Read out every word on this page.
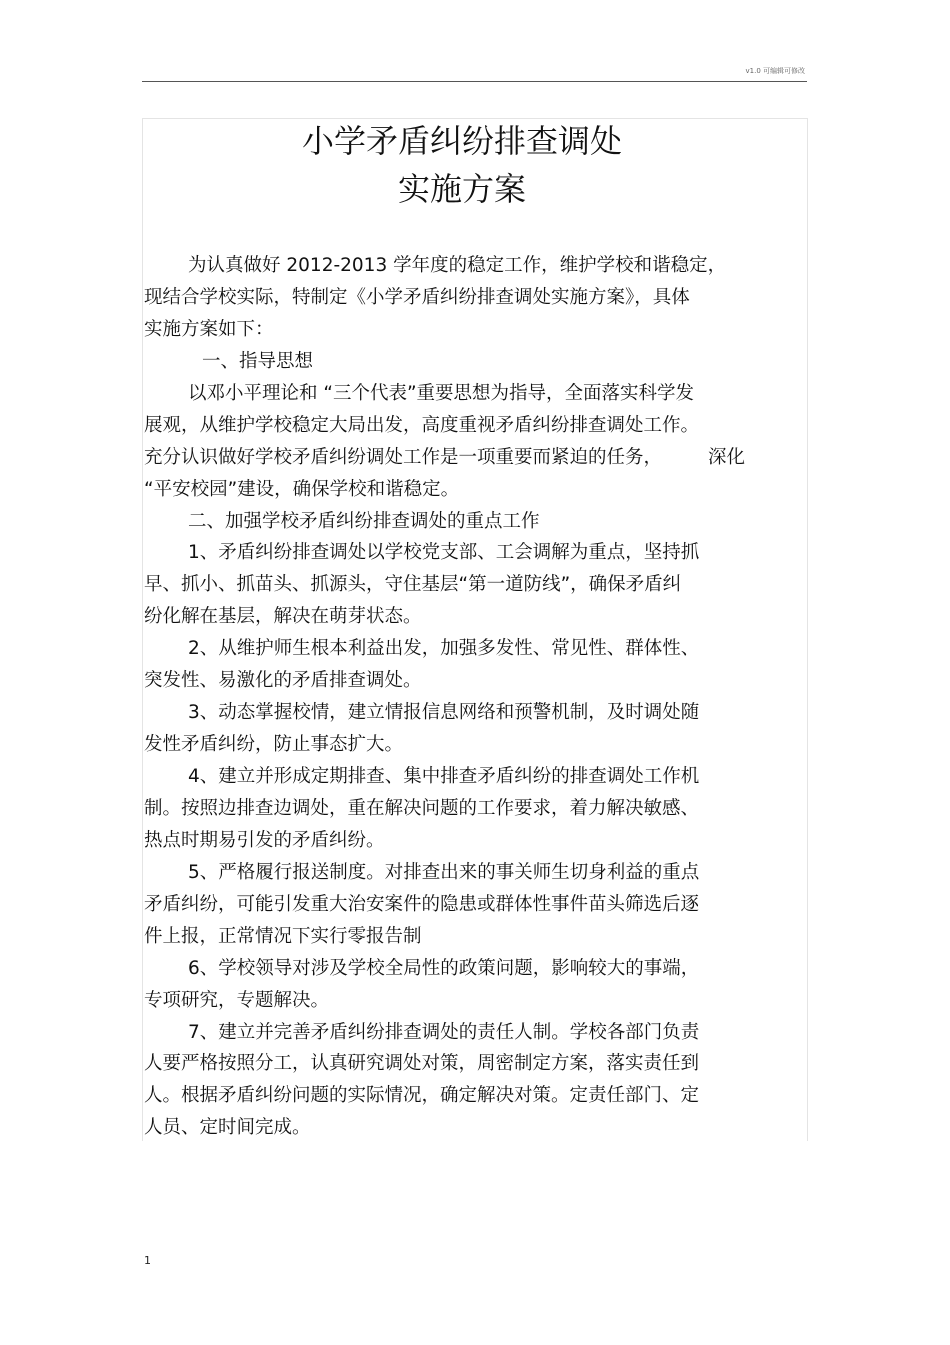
v1.0 可编辑可修改
小学矛盾纠纷排查调处
实施方案
为认真做好 2012-2013 学年度的稳定工作，维护学校和谐稳定，
现结合学校实际，特制定《小学矛盾纠纷排查调处实施方案》，具体
实施方案如下：
一、指导思想
以邓小平理论和 “三个代表”重要思想为指导，全面落实科学发
展观，从维护学校稳定大局出发，高度重视矛盾纠纷排查调处工作。
充分认识做好学校矛盾纠纷调处工作是一项重要而紧迫的任务， 深化
“平安校园”建设，确保学校和谐稳定。
二、加强学校矛盾纠纷排查调处的重点工作
1、矛盾纠纷排查调处以学校党支部、工会调解为重点，坚持抓
早、抓小、抓苗头、抓源头，守住基层“第一道防线”，确保矛盾纠
纷化解在基层，解决在萌芽状态。
2、从维护师生根本利益出发，加强多发性、常见性、群体性、
突发性、易激化的矛盾排查调处。
3、动态掌握校情，建立情报信息网络和预警机制，及时调处随
发性矛盾纠纷，防止事态扩大。
4、建立并形成定期排查、集中排查矛盾纠纷的排查调处工作机
制。按照边排查边调处，重在解决问题的工作要求，着力解决敏感、
热点时期易引发的矛盾纠纷。
5、严格履行报送制度。对排查出来的事关师生切身利益的重点
矛盾纠纷，可能引发重大治安案件的隐患或群体性事件苗头筛选后逐
件上报，正常情况下实行零报告制
6、学校领导对涉及学校全局性的政策问题，影响较大的事端，
专项研究，专题解决。
7、建立并完善矛盾纠纷排查调处的责任人制。学校各部门负责
人要严格按照分工，认真研究调处对策，周密制定方案，落实责任到
人。根据矛盾纠纷问题的实际情况，确定解决对策。定责任部门、定
人员、定时间完成。
1
